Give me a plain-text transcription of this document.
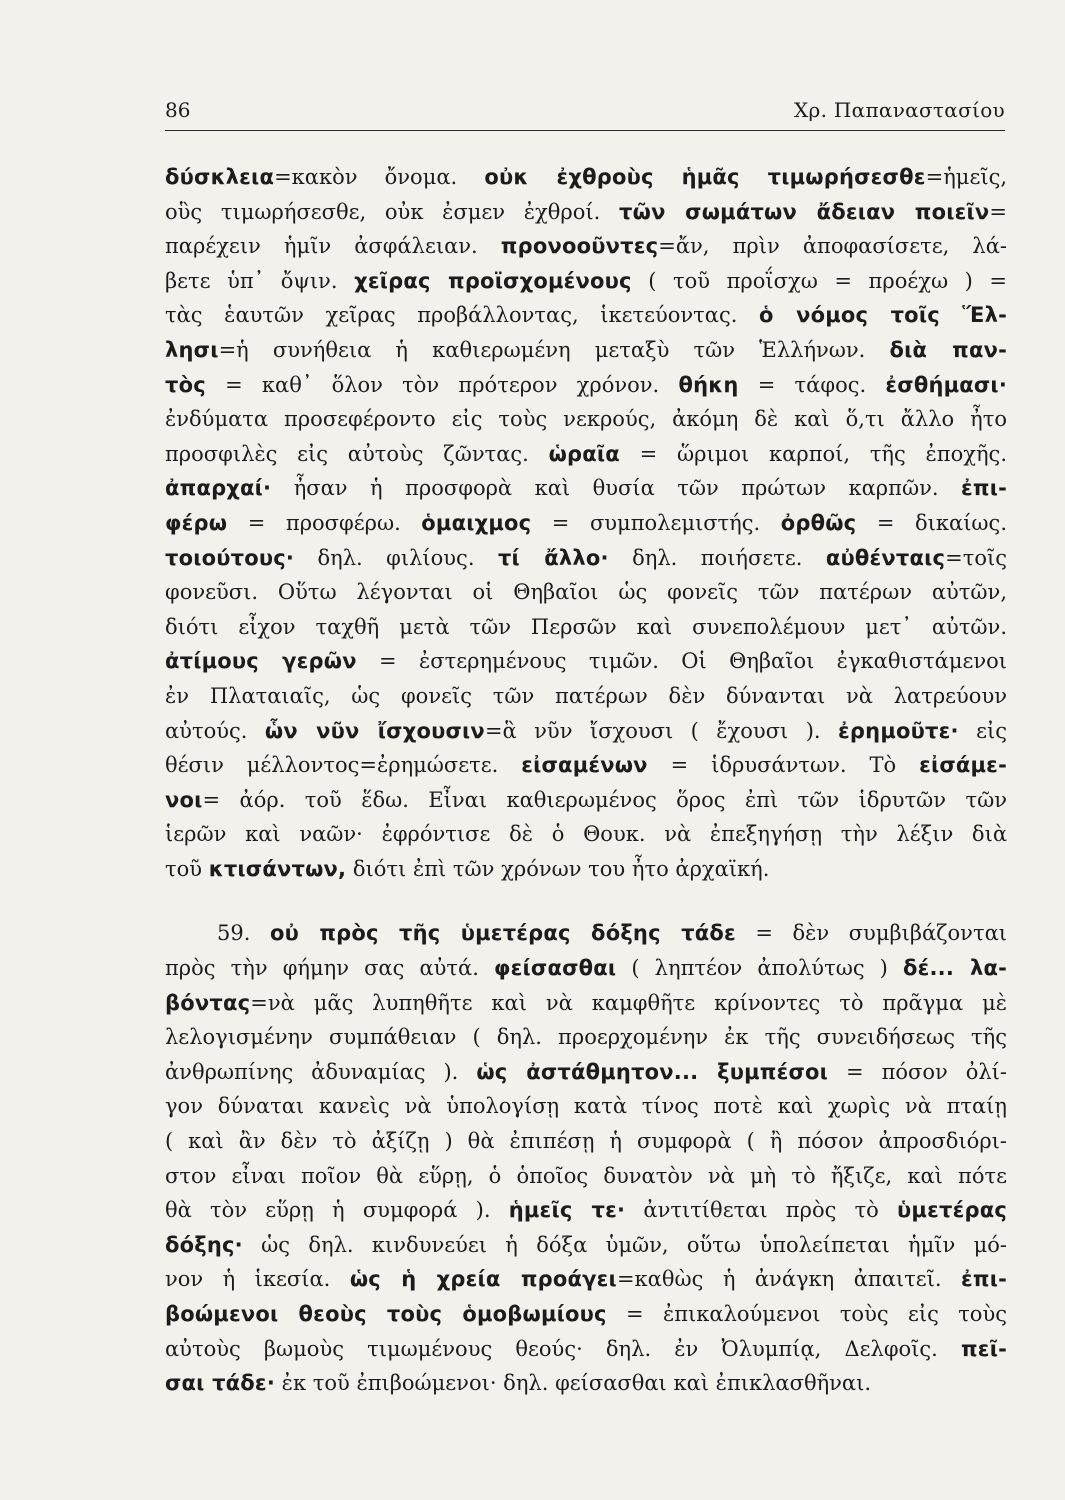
86	Χρ. Παπαναστασίου
δύσκλεια=κακὸν ὄνομα. οὐκ ἐχθροὺς ἡμᾶς τιμωρήσεσθε=ἡμεῖς,
οὓς τιμωρήσεσθε, οὐκ ἐσμεν ἐχθροί. τῶν σωμάτων ἄδειαν ποιεῖν=
παρέχειν ἡμῖν ἀσφάλειαν. προνοοῦντες=ἄν, πρὶν ἀποφασίσετε, λά-
βετε ὑπ᾿ ὄψιν. χεῖρας προϊσχομένους ( τοῦ προΐσχω = προέχω ) =
τὰς ἑαυτῶν χεῖρας προβάλλοντας, ἱκετεύοντας. ὁ νόμος τοῖς Ἕλ-
λησι=ἡ συνήθεια ἡ καθιερωμένη μεταξὺ τῶν Ἑλλήνων. διὰ παν-
τὸς = καθ᾿ ὅλον τὸν πρότερον χρόνον. θήκη = τάφος. ἐσθήμασι·
ἐνδύματα προσεφέροντο εἰς τοὺς νεκρούς, ἀκόμη δὲ καὶ ὅ,τι ἄλλο ἦτο
προσφιλὲς εἰς αὐτοὺς ζῶντας. ὡραῖα = ὥριμοι καρποί, τῆς ἐποχῆς.
ἀπαρχαί· ἦσαν ἡ προσφορὰ καὶ θυσία τῶν πρώτων καρπῶν. ἐπι-
φέρω = προσφέρω. ὁμαιχμος = συμπολεμιστής. ὀρθῶς = δικαίως.
τοιούτους· δηλ. φιλίους. τί ἄλλο· δηλ. ποιήσετε. αὐθένταις=τοῖς
φονεῦσι. Οὕτω λέγονται οἱ Θηβαῖοι ὡς φονεῖς τῶν πατέρων αὐτῶν,
διότι εἶχον ταχθῆ μετὰ τῶν Περσῶν καὶ συνεπολέμουν μετ᾿ αὐτῶν.
ἀτίμους γερῶν = ἐστερημένους τιμῶν. Οἱ Θηβαῖοι ἐγκαθιστάμενοι
ἐν Πλαταιαῖς, ὡς φονεῖς τῶν πατέρων δὲν δύνανται νὰ λατρεύουν
αὐτούς. ὧν νῦν ἴσχουσιν=ἃ νῦν ἴσχουσι ( ἔχουσι ). ἐρημοῦτε· εἰς
θέσιν μέλλοντος=ἐρημώσετε. εἰσαμένων = ἱδρυσάντων. Τὸ εἰσάμε-
νοι= ἀόρ. τοῦ ἕδω. Εἶναι καθιερωμένος ὅρος ἐπὶ τῶν ἱδρυτῶν τῶν
ἱερῶν καὶ ναῶν· ἐφρόντισε δὲ ὁ Θουκ. νὰ ἐπεξηγήσῃ τὴν λέξιν διὰ
τοῦ κτισάντων, διότι ἐπὶ τῶν χρόνων του ἦτο ἀρχαϊκή.
59. οὐ πρὸς τῆς ὑμετέρας δόξης τάδε = δὲν συμβιβάζονται
πρὸς τὴν φήμην σας αὐτά. φείσασθαι ( ληπτέον ἀπολύτως ) δέ... λα-
βόντας=νὰ μᾶς λυπηθῆτε καὶ νὰ καμφθῆτε κρίνοντες τὸ πρᾶγμα μὲ
λελογισμένην συμπάθειαν ( δηλ. προερχομένην ἐκ τῆς συνειδήσεως τῆς
ἀνθρωπίνης ἀδυναμίας ). ὡς ἀστάθμητον... ξυμπέσοι = πόσον ὀλί-
γον δύναται κανεὶς νὰ ὑπολογίσῃ κατὰ τίνος ποτὲ καὶ χωρὶς νὰ πταίῃ
( καὶ ἂν δὲν τὸ ἀξίζῃ ) θὰ ἐπιπέσῃ ἡ συμφορὰ ( ἢ πόσον ἀπροσδιόρι-
στον εἶναι ποῖον θὰ εὕρῃ, ὁ ὁποῖος δυνατὸν νὰ μὴ τὸ ἤξιζε, καὶ πότε
θὰ τὸν εὕρῃ ἡ συμφορά ). ἡμεῖς τε· ἀντιτίθεται πρὸς τὸ ὑμετέρας
δόξης· ὡς δηλ. κινδυνεύει ἡ δόξα ὑμῶν, οὕτω ὑπολείπεται ἡμῖν μό-
νον ἡ ἱκεσία. ὡς ἡ χρεία προάγει=καθὼς ἡ ἀνάγκη ἀπαιτεῖ. ἐπι-
βοώμενοι θεοὺς τοὺς ὁμοβωμίους = ἐπικαλούμενοι τοὺς εἰς τοὺς
αὐτοὺς βωμοὺς τιμωμένους θεούς· δηλ. ἐν Ὀλυμπίᾳ, Δελφοῖς. πεῖ-
σαι τάδε· ἐκ τοῦ ἐπιβοώμενοι· δηλ. φείσασθαι καὶ ἐπικλασθῆναι.
